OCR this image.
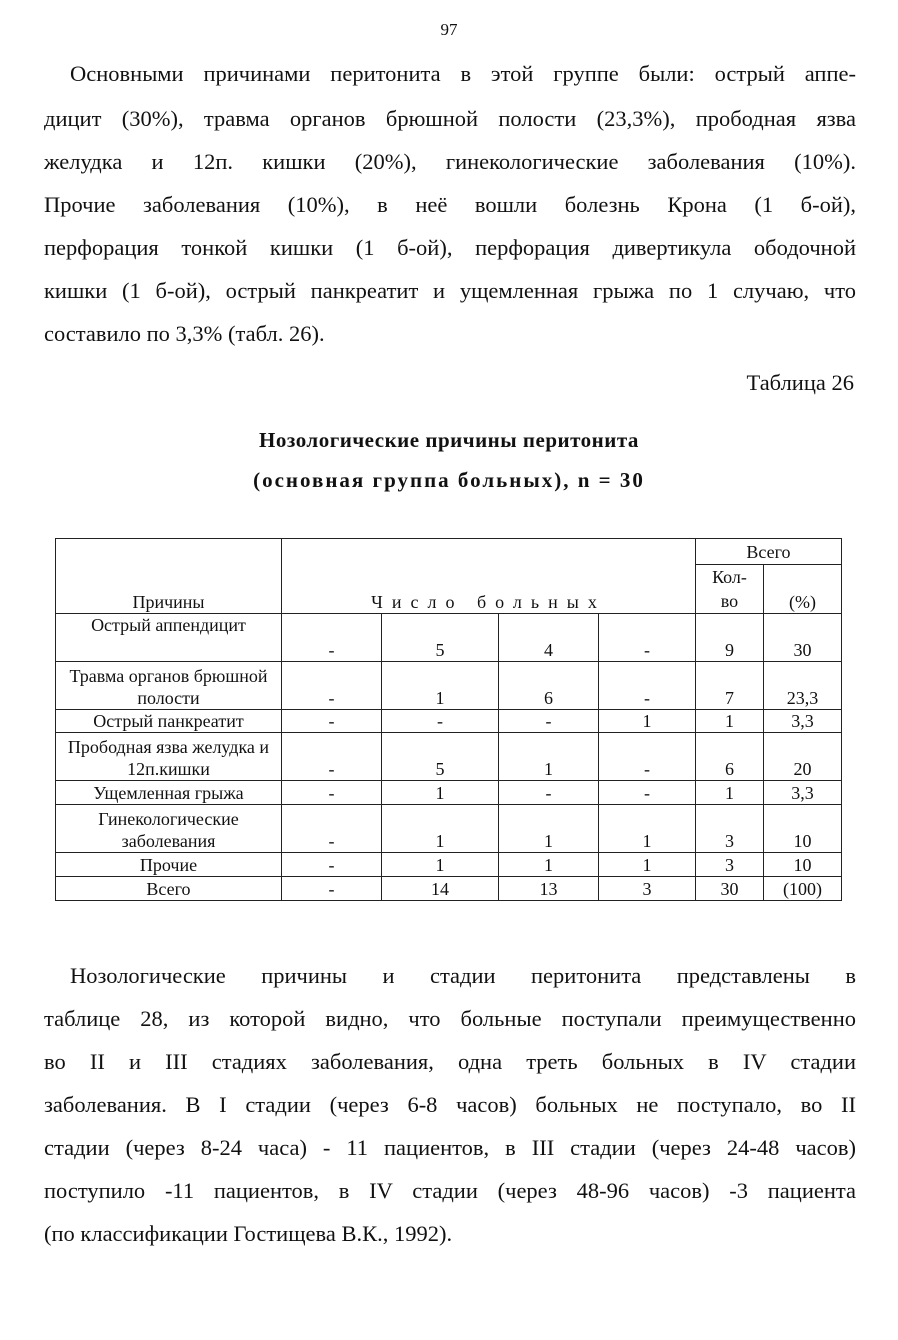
97
Основными причинами перитонита в этой группе были: острый аппе-
дицит (30%), травма органов брюшной полости (23,3%), прободная язва
желудка и 12п. кишки (20%), гинекологические заболевания (10%).
Прочие заболевания (10%), в неё вошли болезнь Крона (1 б-ой),
перфорация тонкой кишки (1 б-ой), перфорация дивертикула ободочной
кишки (1 б-ой), острый панкреатит и ущемленная грыжа по 1 случаю, что
составило по 3,3% (табл. 26).
Таблица 26
Нозологические причины перитонита
(основная группа больных), n = 30
Причины	Число больных				Всего	
					Кол-во	(%)
Острый аппендицит	-	5	4	-	9	30
Травма органов брюшной полости	-	1	6	-	7	23,3
Острый панкреатит	-	-	-	1	1	3,3
Прободная язва желудка и 12п.кишки	-	5	1	-	6	20
Ущемленная грыжа	-	1	-	-	1	3,3
Гинекологические заболевания	-	1	1	1	3	10
Прочие	-	1	1	1	3	10
Всего	-	14	13	3	30	(100)
Нозологические причины и стадии перитонита представлены в
таблице 28, из которой видно, что больные поступали преимущественно
во II и III стадиях заболевания, одна треть больных в IV стадии
заболевания. В I стадии (через 6-8 часов) больных не поступало, во II
стадии (через 8-24 часа) - 11 пациентов, в III стадии (через 24-48 часов)
поступило -11 пациентов, в IV стадии (через 48-96 часов) -3 пациента
(по классификации Гостищева В.К., 1992).
